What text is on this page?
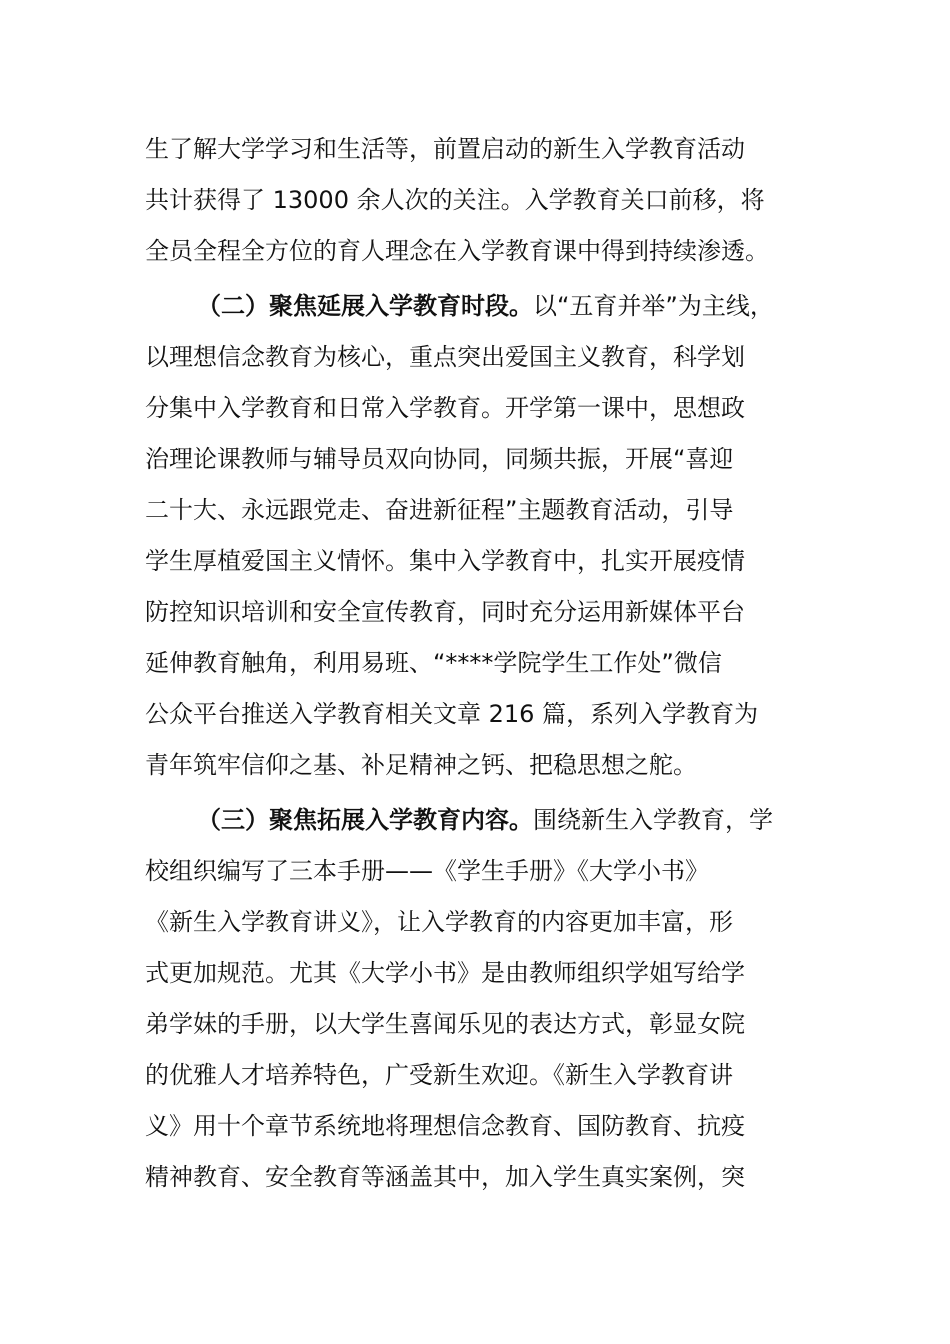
生了解大学学习和生活等，前置启动的新生入学教育活动
共计获得了 13000 余人次的关注。入学教育关口前移，将
全员全程全方位的育人理念在入学教育课中得到持续渗透。
（二）聚焦延展入学教育时段。以“五育并举”为主线，
以理想信念教育为核心，重点突出爱国主义教育，科学划
分集中入学教育和日常入学教育。开学第一课中，思想政
治理论课教师与辅导员双向协同，同频共振，开展“喜迎
二十大、永远跟党走、奋进新征程”主题教育活动，引导
学生厚植爱国主义情怀。集中入学教育中，扎实开展疫情
防控知识培训和安全宣传教育，同时充分运用新媒体平台
延伸教育触角，利用易班、“****学院学生工作处”微信
公众平台推送入学教育相关文章 216 篇，系列入学教育为
青年筑牢信仰之基、补足精神之钙、把稳思想之舵。
（三）聚焦拓展入学教育内容。围绕新生入学教育，学
校组织编写了三本手册——《学生手册》《大学小书》
《新生入学教育讲义》，让入学教育的内容更加丰富，形
式更加规范。尤其《大学小书》是由教师组织学姐写给学
弟学妹的手册，以大学生喜闻乐见的表达方式，彰显女院
的优雅人才培养特色，广受新生欢迎。《新生入学教育讲
义》用十个章节系统地将理想信念教育、国防教育、抗疫
精神教育、安全教育等涵盖其中，加入学生真实案例，突
